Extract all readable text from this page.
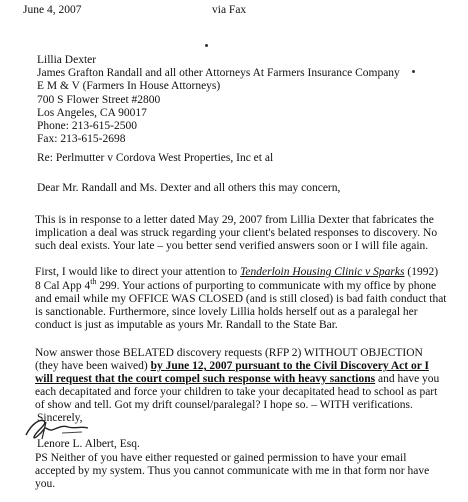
June 4, 2007	via Fax
Lillia Dexter
James Grafton Randall and all other Attorneys At Farmers Insurance Company
E M & V (Farmers In House Attorneys)
700 S Flower Street #2800
Los Angeles, CA 90017
Phone: 213-615-2500
Fax: 213-615-2698
Re: Perlmutter v Cordova West Properties, Inc et al
Dear Mr. Randall and Ms. Dexter and all others this may concern,
This is in response to a letter dated May 29, 2007 from Lillia Dexter that fabricates the
implication a deal was struck regarding your client's belated responses to discovery. No
such deal exists. Your late – you better send verified answers soon or I will file again.
First, I would like to direct your attention to Tenderloin Housing Clinic v Sparks (1992)
8 Cal App 4th 299. Your actions of purporting to communicate with my office by phone
and email while my OFFICE WAS CLOSED (and is still closed) is bad faith conduct that
is sanctionable. Furthermore, since lovely Lillia holds herself out as a paralegal her
conduct is just as imputable as yours Mr. Randall to the State Bar.
Now answer those BELATED discovery requests (RFP 2) WITHOUT OBJECTION
(they have been waived) by June 12, 2007 pursuant to the Civil Discovery Act or I
will request that the court compel such response with heavy sanctions and have you
each decapitated and force your children to take your decapitated head to school as part
of show and tell. Got my drift counsel/paralegal? I hope so. – WITH verifications.
Sincerely,
Lenore L. Albert, Esq.
PS Neither of you have either requested or gained permission to have your email
accepted by my system. Thus you cannot communicate with me in that form nor have
you.
